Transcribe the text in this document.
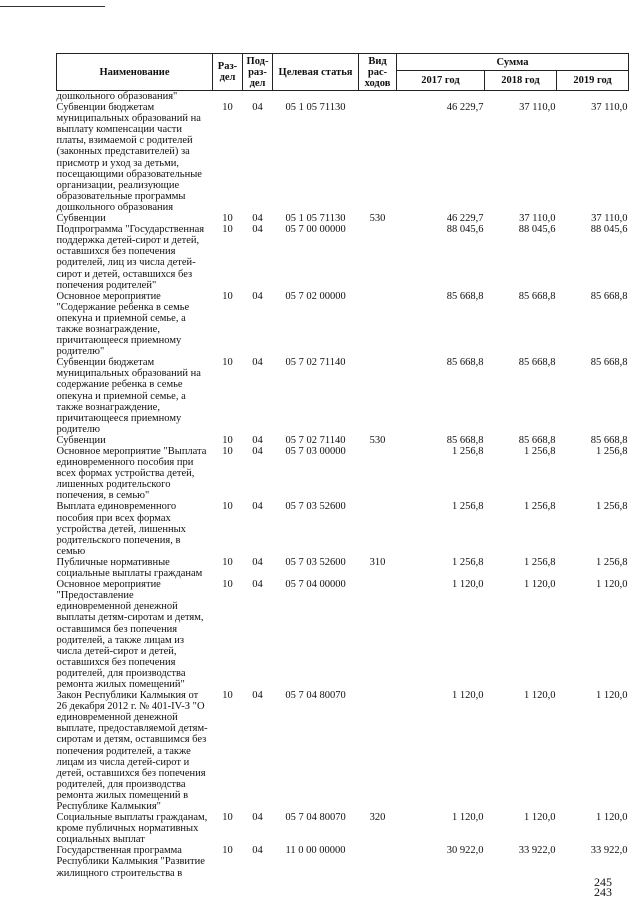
Наименование	Раз-дел	Под-раз-дел	Целевая статья	Вид рас-ходов	Сумма		
					2017 год	2018 год	2019 год
дошкольного образования"							
Субвенции бюджетам муниципальных образований на выплату компенсации части платы, взимаемой с родителей (законных представителей) за присмотр и уход за детьми, посещающими образовательные организации, реализующие образовательные программы дошкольного образования	10	04	05 1 05 71130		46 229,7	37 110,0	37 110,0
Субвенции	10	04	05 1 05 71130	530	46 229,7	37 110,0	37 110,0
Подпрограмма "Государственная поддержка детей-сирот и детей, оставшихся без попечения родителей, лиц из числа детей-сирот и детей, оставшихся без попечения родителей"	10	04	05 7 00 00000		88 045,6	88 045,6	88 045,6
Основное мероприятие "Содержание ребенка в семье опекуна и приемной семье, а также вознаграждение, причитающееся приемному родителю"	10	04	05 7 02 00000		85 668,8	85 668,8	85 668,8
Субвенции бюджетам муниципальных образований на содержание ребенка в семье опекуна и приемной семье, а также вознаграждение, причитающееся приемному родителю	10	04	05 7 02 71140		85 668,8	85 668,8	85 668,8
Субвенции	10	04	05 7 02 71140	530	85 668,8	85 668,8	85 668,8
Основное мероприятие "Выплата единовременного пособия при всех формах устройства детей, лишенных родительского попечения, в семью"	10	04	05 7 03 00000		1 256,8	1 256,8	1 256,8
Выплата единовременного пособия при всех формах устройства детей, лишенных родительского попечения, в семью	10	04	05 7 03 52600		1 256,8	1 256,8	1 256,8
Публичные нормативные социальные выплаты гражданам	10	04	05 7 03 52600	310	1 256,8	1 256,8	1 256,8
Основное мероприятие "Предоставление единовременной денежной выплаты детям-сиротам и детям, оставшимся без попечения родителей, а также лицам из числа детей-сирот и детей, оставшихся без попечения родителей, для производства ремонта жилых помещений"	10	04	05 7 04 00000		1 120,0	1 120,0	1 120,0
Закон Республики Калмыкия от 26 декабря 2012 г. № 401-IV-З "О единовременной денежной выплате, предоставляемой детям-сиротам и детям, оставшимся без попечения родителей, а также лицам из числа детей-сирот и детей, оставшихся без попечения родителей, для производства ремонта жилых помещений в Республике Калмыкия"	10	04	05 7 04 80070		1 120,0	1 120,0	1 120,0
Социальные выплаты гражданам, кроме публичных нормативных социальных выплат	10	04	05 7 04 80070	320	1 120,0	1 120,0	1 120,0
Государственная программа Республики Калмыкия "Развитие жилищного строительства в	10	04	11 0 00 00000		30 922,0	33 922,0	33 922,0
245
243
